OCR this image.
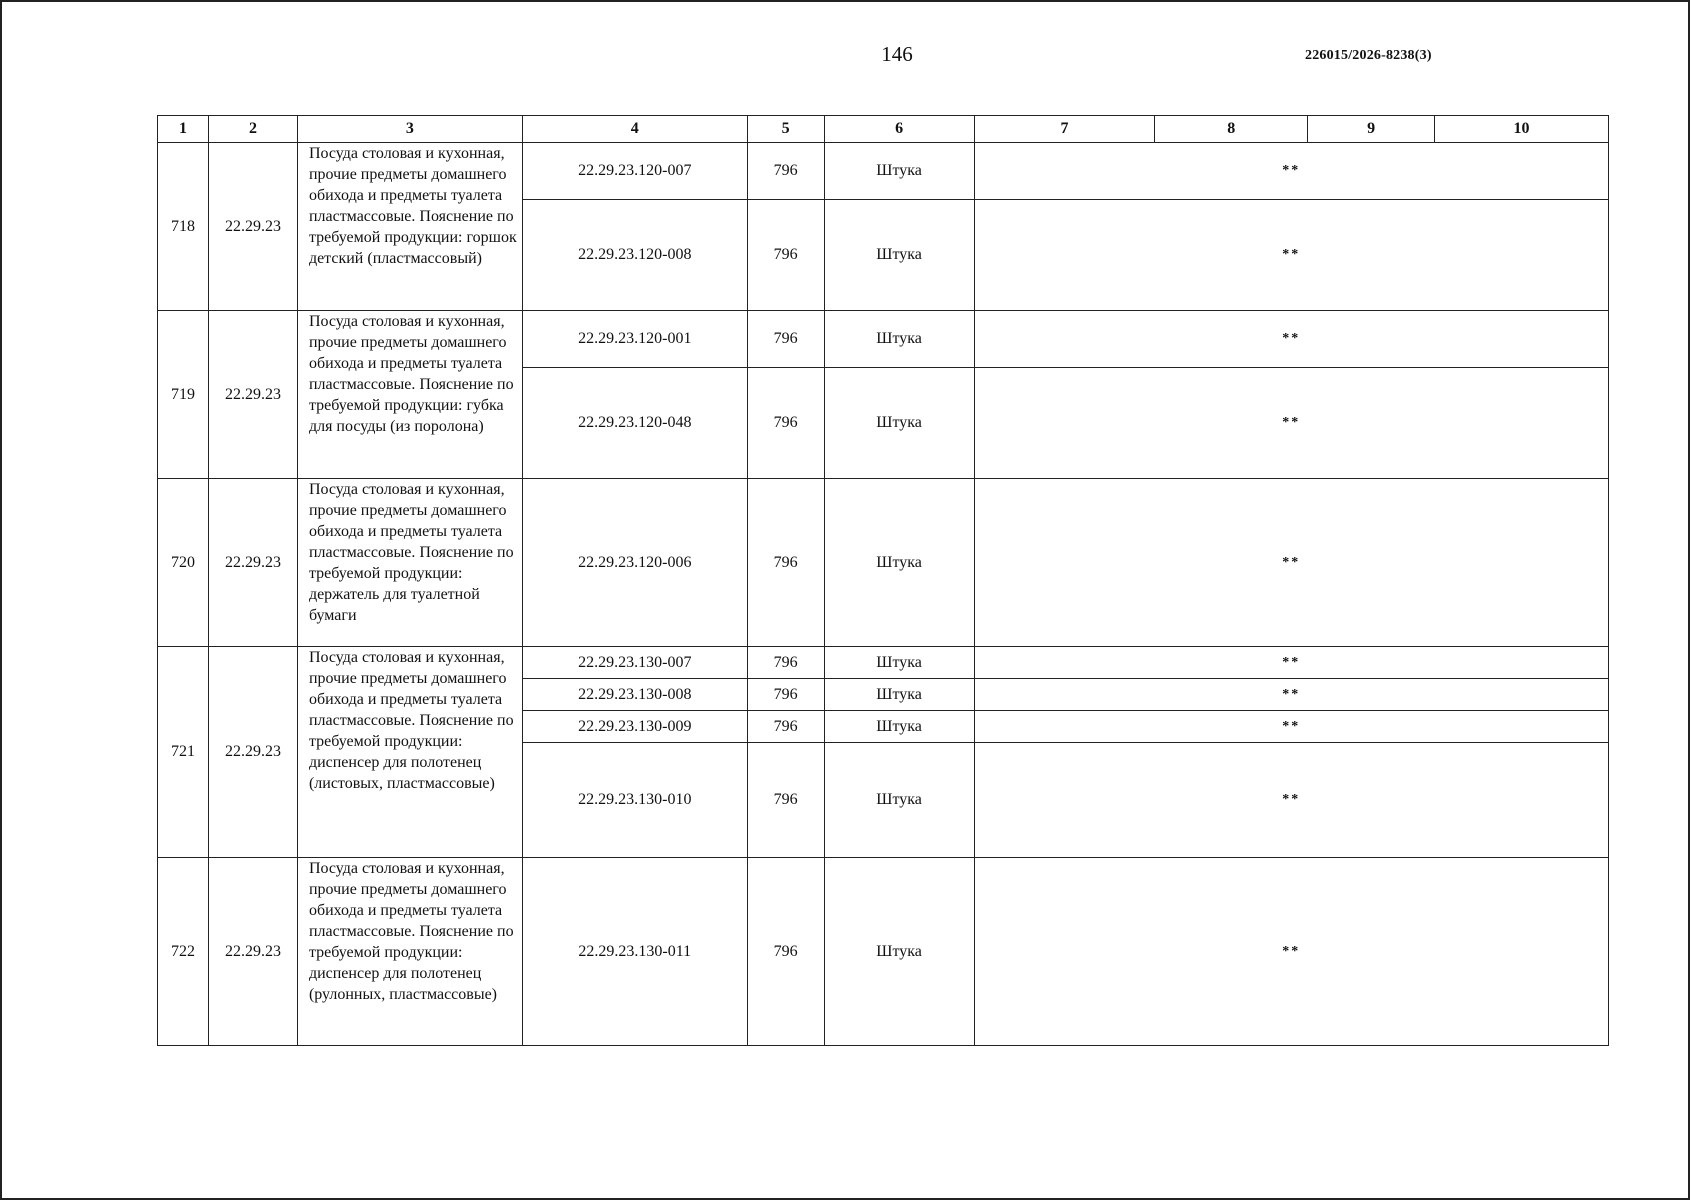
146	226015/2026-8238(3)
1	2	3	4	5	6	7	8	9	10
718	22.29.23	Посуда столовая и кухонная, прочие предметы домашнего обихода и предметы туалета пластмассовые. Пояснение по требуемой продукции: горшок детский (пластмассовый)	22.29.23.120-007	796	Штука	**			
			22.29.23.120-008	796	Штука	**			
719	22.29.23	Посуда столовая и кухонная, прочие предметы домашнего обихода и предметы туалета пластмассовые. Пояснение по требуемой продукции: губка для посуды (из поролона)	22.29.23.120-001	796	Штука	**			
			22.29.23.120-048	796	Штука	**			
720	22.29.23	Посуда столовая и кухонная, прочие предметы домашнего обихода и предметы туалета пластмассовые. Пояснение по требуемой продукции: держатель для туалетной бумаги	22.29.23.120-006	796	Штука	**			
721	22.29.23	Посуда столовая и кухонная, прочие предметы домашнего обихода и предметы туалета пластмассовые. Пояснение по требуемой продукции: диспенсер для полотенец (листовых, пластмассовые)	22.29.23.130-007	796	Штука	**			
			22.29.23.130-008	796	Штука	**			
			22.29.23.130-009	796	Штука	**			
			22.29.23.130-010	796	Штука	**			
722	22.29.23	Посуда столовая и кухонная, прочие предметы домашнего обихода и предметы туалета пластмассовые. Пояснение по требуемой продукции: диспенсер для полотенец (рулонных, пластмассовые)	22.29.23.130-011	796	Штука	**			
